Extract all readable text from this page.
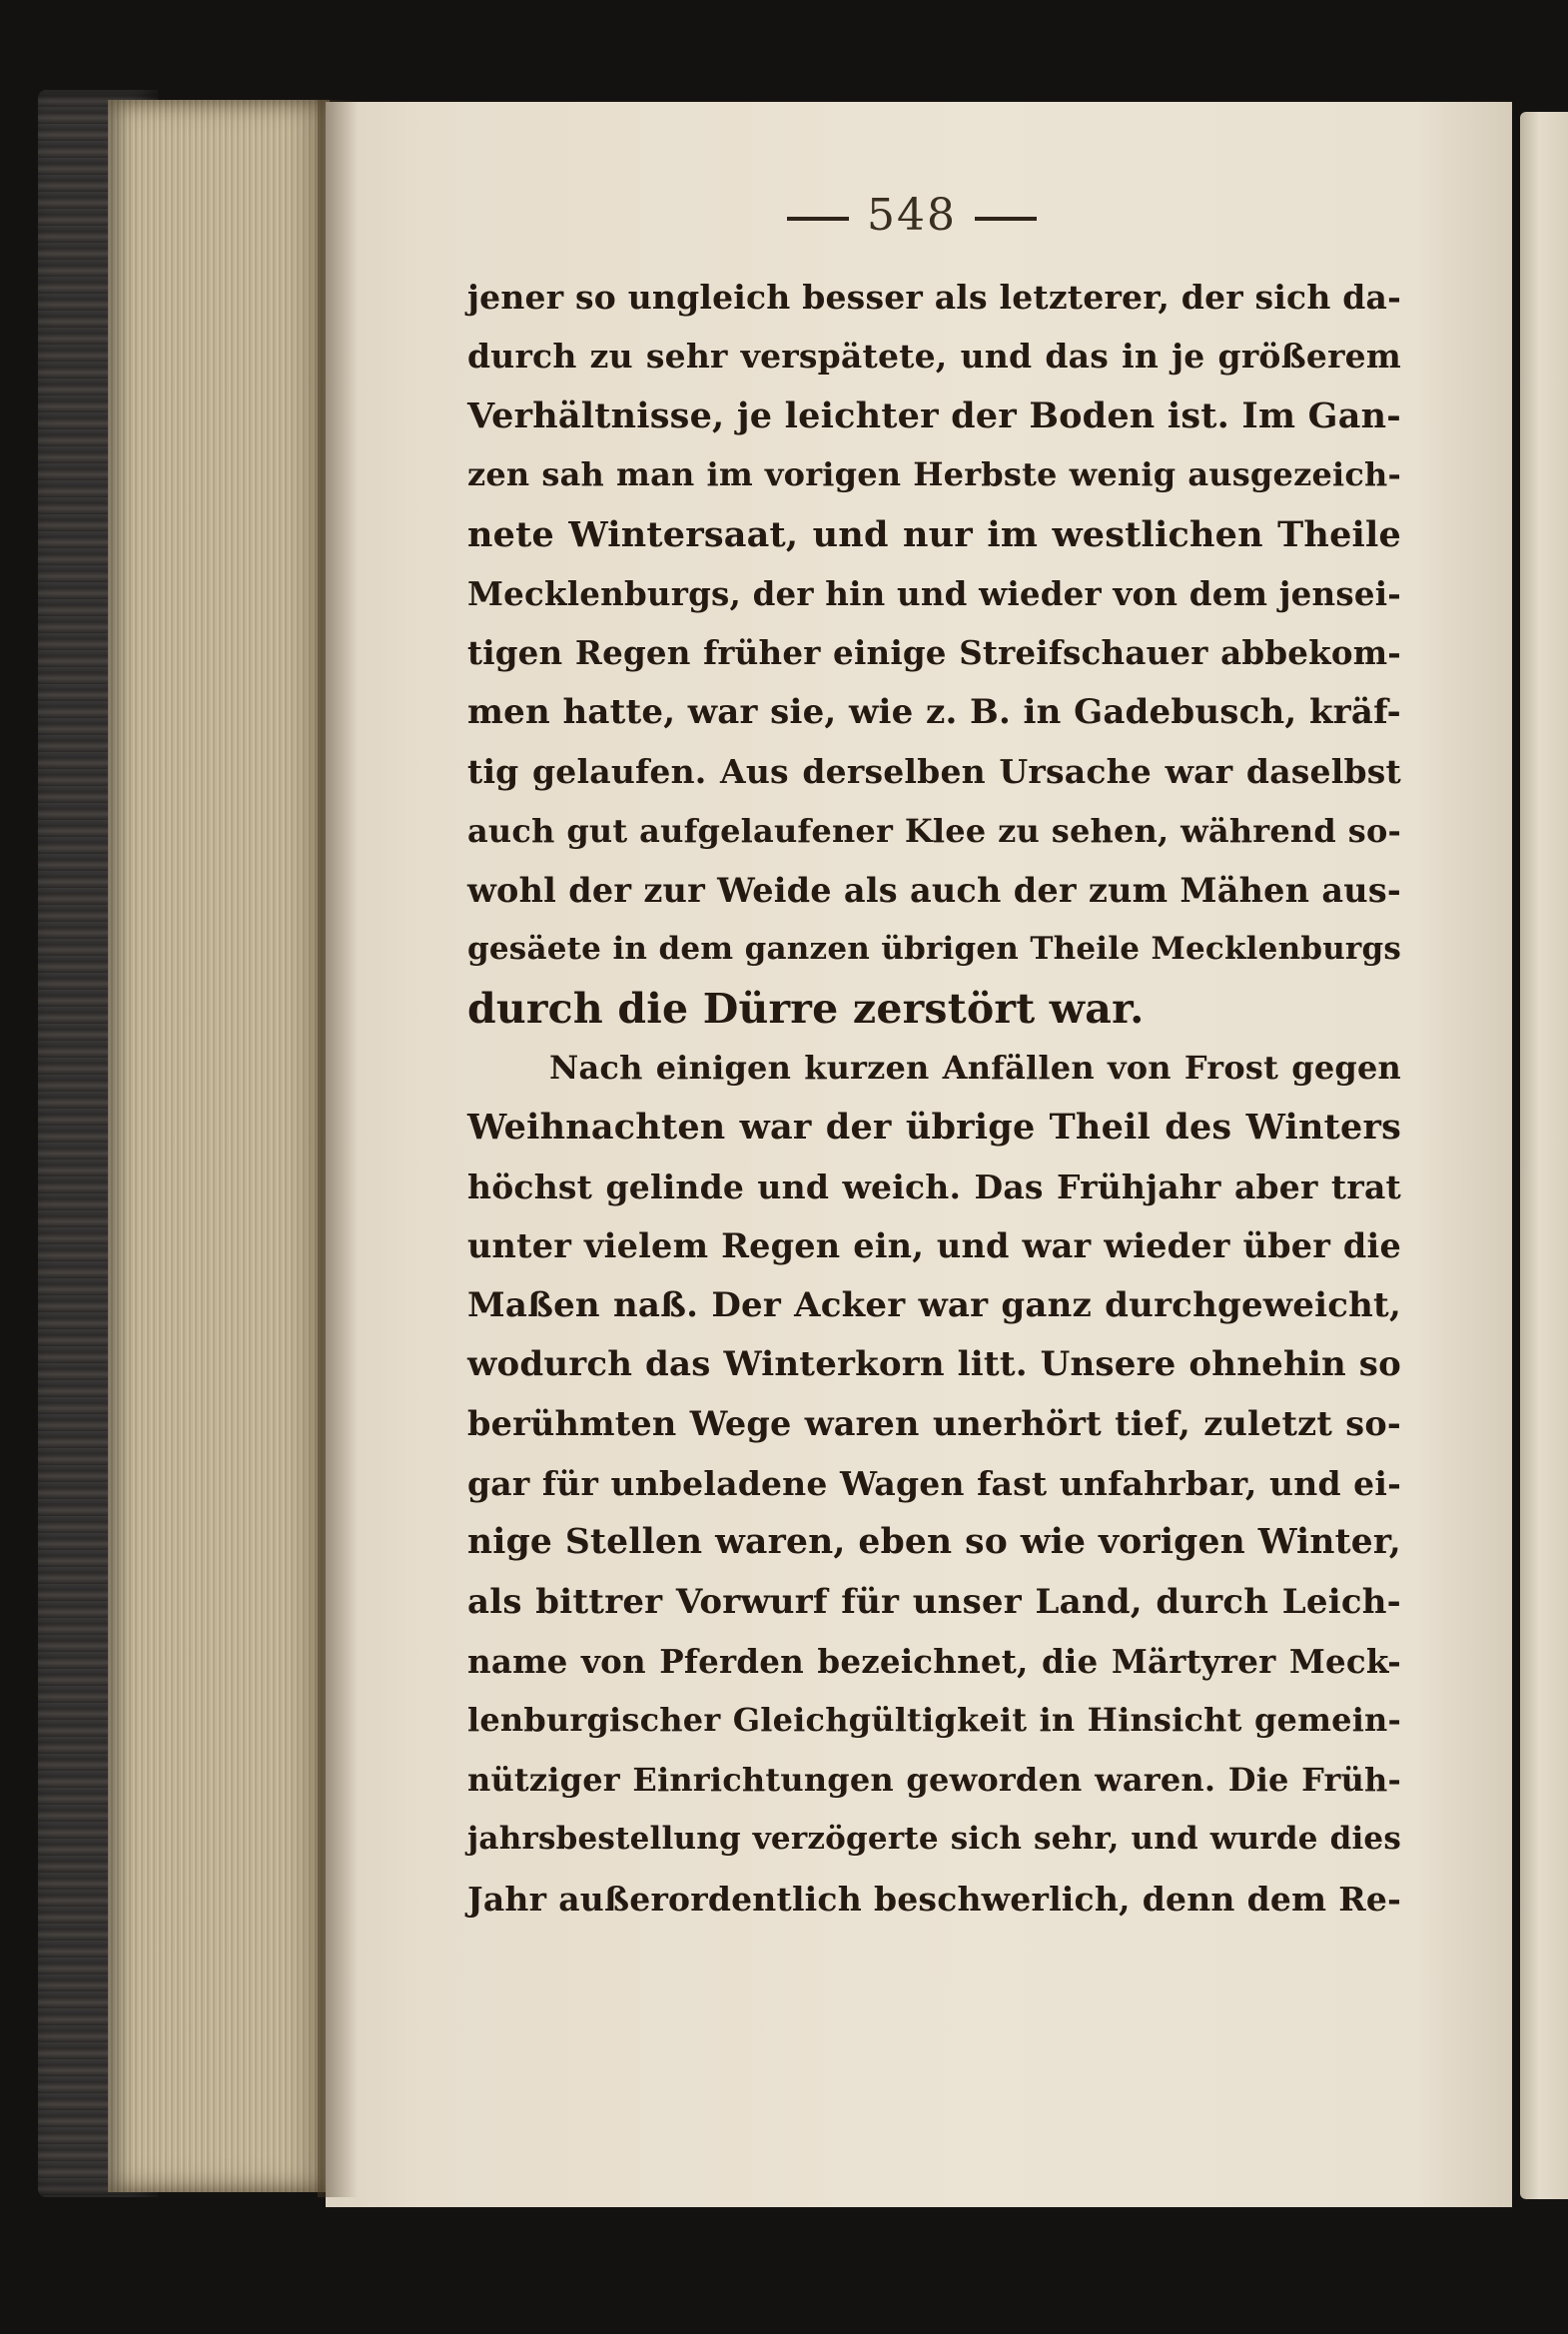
548
jener so ungleich besser als letzterer, der sich da-
durch zu sehr verspätete, und das in je größerem
Verhältnisse, je leichter der Boden ist. Im Gan-
zen sah man im vorigen Herbste wenig ausgezeich-
nete Wintersaat, und nur im westlichen Theile
Mecklenburgs, der hin und wieder von dem jensei-
tigen Regen früher einige Streifschauer abbekom-
men hatte, war sie, wie z. B. in Gadebusch, kräf-
tig gelaufen. Aus derselben Ursache war daselbst
auch gut aufgelaufener Klee zu sehen, während so-
wohl der zur Weide als auch der zum Mähen aus-
gesäete in dem ganzen übrigen Theile Mecklenburgs
durch die Dürre zerstört war.
Nach einigen kurzen Anfällen von Frost gegen
Weihnachten war der übrige Theil des Winters
höchst gelinde und weich. Das Frühjahr aber trat
unter vielem Regen ein, und war wieder über die
Maßen naß. Der Acker war ganz durchgeweicht,
wodurch das Winterkorn litt. Unsere ohnehin so
berühmten Wege waren unerhört tief, zuletzt so-
gar für unbeladene Wagen fast unfahrbar, und ei-
nige Stellen waren, eben so wie vorigen Winter,
als bittrer Vorwurf für unser Land, durch Leich-
name von Pferden bezeichnet, die Märtyrer Meck-
lenburgischer Gleichgültigkeit in Hinsicht gemein-
nütziger Einrichtungen geworden waren. Die Früh-
jahrsbestellung verzögerte sich sehr, und wurde dies
Jahr außerordentlich beschwerlich, denn dem Re-
